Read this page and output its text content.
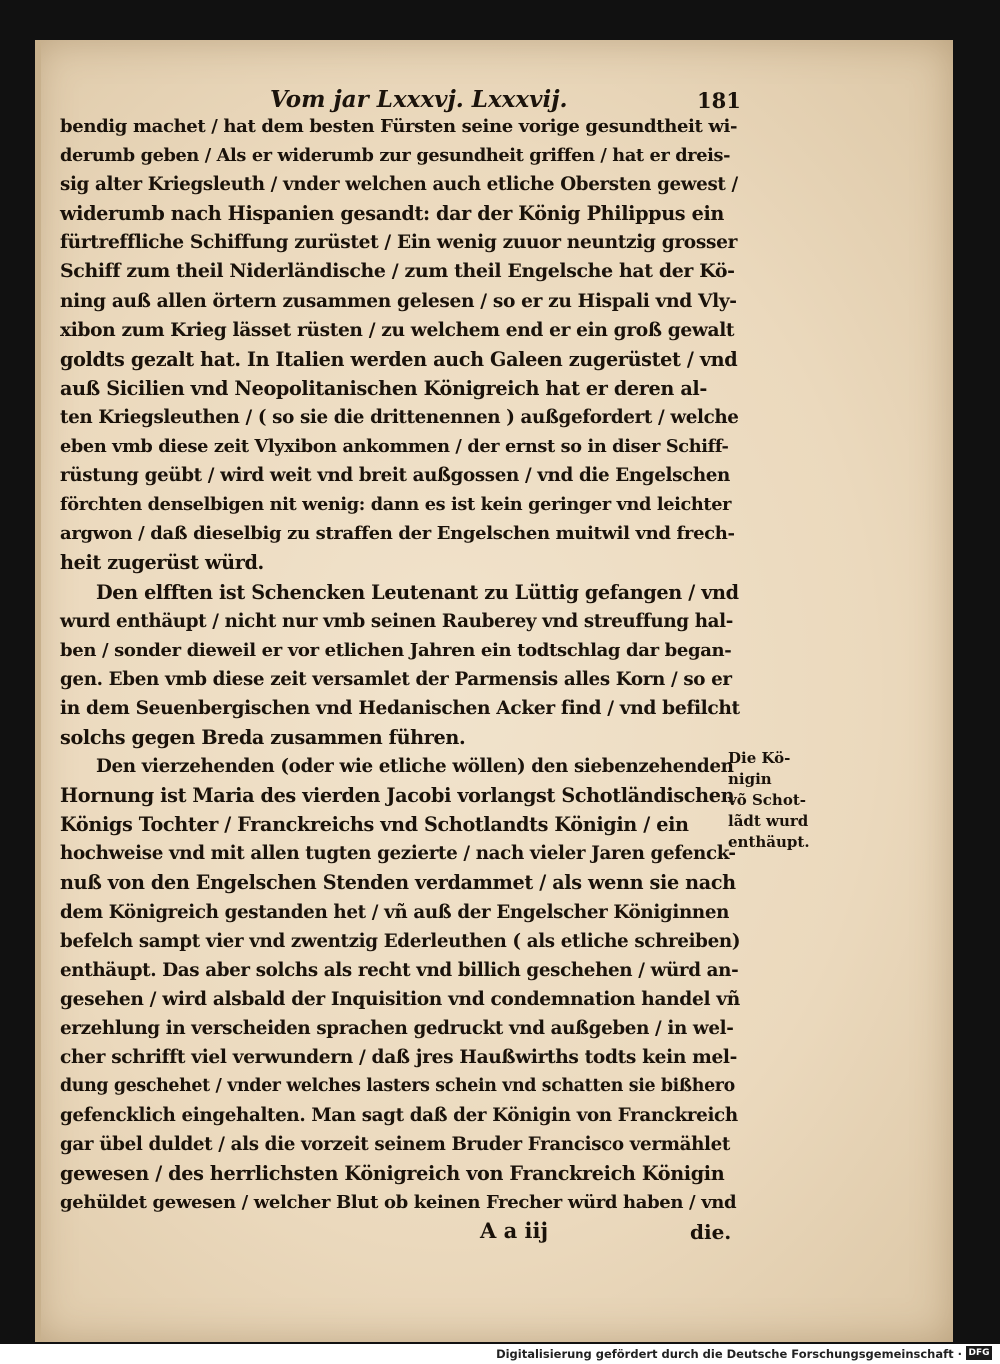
Vom jar Lxxxvj. Lxxxvij.	181
bendig machet / hat dem besten Fürsten seine vorige gesundtheit wi-
derumb geben / Als er widerumb zur gesundheit griffen / hat er dreis-
sig alter Kriegsleuth / vnder welchen auch etliche Obersten gewest /
widerumb nach Hispanien gesandt: dar der König Philippus ein
fürtreffliche Schiffung zurüstet / Ein wenig zuuor neuntzig grosser
Schiff zum theil Niderländische / zum theil Engelsche hat der Kö-
ning auß allen örtern zusammen gelesen / so er zu Hispali vnd Vly-
xibon zum Krieg lässet rüsten / zu welchem end er ein groß gewalt
goldts gezalt hat. In Italien werden auch Galeen zugerüstet / vnd
auß Sicilien vnd Neopolitanischen Königreich hat er deren al-
ten Kriegsleuthen / ( so sie die drittenennen ) außgefordert / welche
eben vmb diese zeit Vlyxibon ankommen / der ernst so in diser Schiff-
rüstung geübt / wird weit vnd breit außgossen / vnd die Engelschen
förchten denselbigen nit wenig: dann es ist kein geringer vnd leichter
argwon / daß dieselbig zu straffen der Engelschen muitwil vnd frech-
heit zugerüst würd.
Den elfften ist Schencken Leutenant zu Lüttig gefangen / vnd
wurd enthäupt / nicht nur vmb seinen Rauberey vnd streuffung hal-
ben / sonder dieweil er vor etlichen Jahren ein todtschlag dar began-
gen. Eben vmb diese zeit versamlet der Parmensis alles Korn / so er
in dem Seuenbergischen vnd Hedanischen Acker find / vnd befilcht
solchs gegen Breda zusammen führen.
Den vierzehenden (oder wie etliche wöllen) den siebenzehenden
Hornung ist Maria des vierden Jacobi vorlangst Schotländischen
Königs Tochter / Franckreichs vnd Schotlandts Königin / ein
hochweise vnd mit allen tugten gezierte / nach vieler Jaren gefenck-
nuß von den Engelschen Stenden verdammet / als wenn sie nach
dem Königreich gestanden het / vñ auß der Engelscher Königinnen
befelch sampt vier vnd zwentzig Ederleuthen ( als etliche schreiben)
enthäupt. Das aber solchs als recht vnd billich geschehen / würd an-
gesehen / wird alsbald der Inquisition vnd condemnation handel vñ
erzehlung in verscheiden sprachen gedruckt vnd außgeben / in wel-
cher schrifft viel verwundern / daß jres Haußwirths todts kein mel-
dung geschehet / vnder welches lasters schein vnd schatten sie bißhero
gefencklich eingehalten. Man sagt daß der Königin von Franckreich
gar übel duldet / als die vorzeit seinem Bruder Francisco vermählet
gewesen / des herrlichsten Königreich von Franckreich Königin
gehüldet gewesen / welcher Blut ob keinen Frecher würd haben / vnd
Die Kö-
nigin
võ Schot-
lãdt wurd
enthäupt.
A a iij	die.
Digitalisierung gefördert durch die Deutsche Forschungsgemeinschaft · DFG
